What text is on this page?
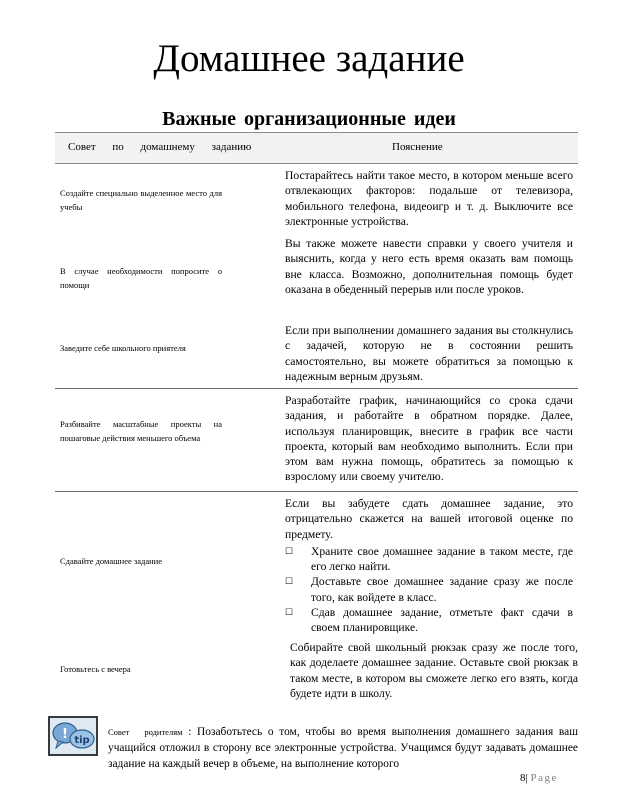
Домашнее задание
Важные организационные идеи
Совет по домашнему заданию	Пояснение
Создайте специально выделенное место для учебы
Постарайтесь найти такое место, в котором меньше всего отвлекающих факторов: подальше от телевизора, мобильного телефона, видеоигр и т. д. Выключите все электронные устройства.
В случае необходимости попросите о помощи
Вы также можете навести справки у своего учителя и выяснить, когда у него есть время оказать вам помощь вне класса. Возможно, дополнительная помощь будет оказана в обеденный перерыв или после уроков.
Заведите себе школьного приятеля
Если при выполнении домашнего задания вы столкнулись с задачей, которую не в состоянии решить самостоятельно, вы можете обратиться за помощью к надежным верным друзьям.
Разбивайте масштабные проекты на пошаговые действия меньшего объема
Разработайте график, начинающийся со срока сдачи задания, и работайте в обратном порядке. Далее, используя планировщик, внесите в график все части проекта, который вам необходимо выполнить. Если при этом вам нужна помощь, обратитесь за помощью к взрослому или своему учителю.
Сдавайте домашнее задание
Если вы забудете сдать домашнее задание, это отрицательно скажется на вашей итоговой оценке по предмету.
☐ Храните свое домашнее задание в таком месте, где его легко найти.
☐ Доставьте свое домашнее задание сразу же после того, как войдете в класс.
☐ Сдав домашнее задание, отметьте факт сдачи в своем планировщике.
Готовьтесь с вечера
Собирайте свой школьный рюкзак сразу же после того, как доделаете домашнее задание. Оставьте свой рюкзак в таком месте, в котором вы сможете легко его взять, когда будете идти в школу.
! tip
Совет родителям : Позаботьтесь о том, чтобы во время выполнения домашнего задания ваш учащийся отложил в сторону все электронные устройства. Учащимся будут задавать домашнее задание на каждый вечер в объеме, на выполнение которого
8| Page
